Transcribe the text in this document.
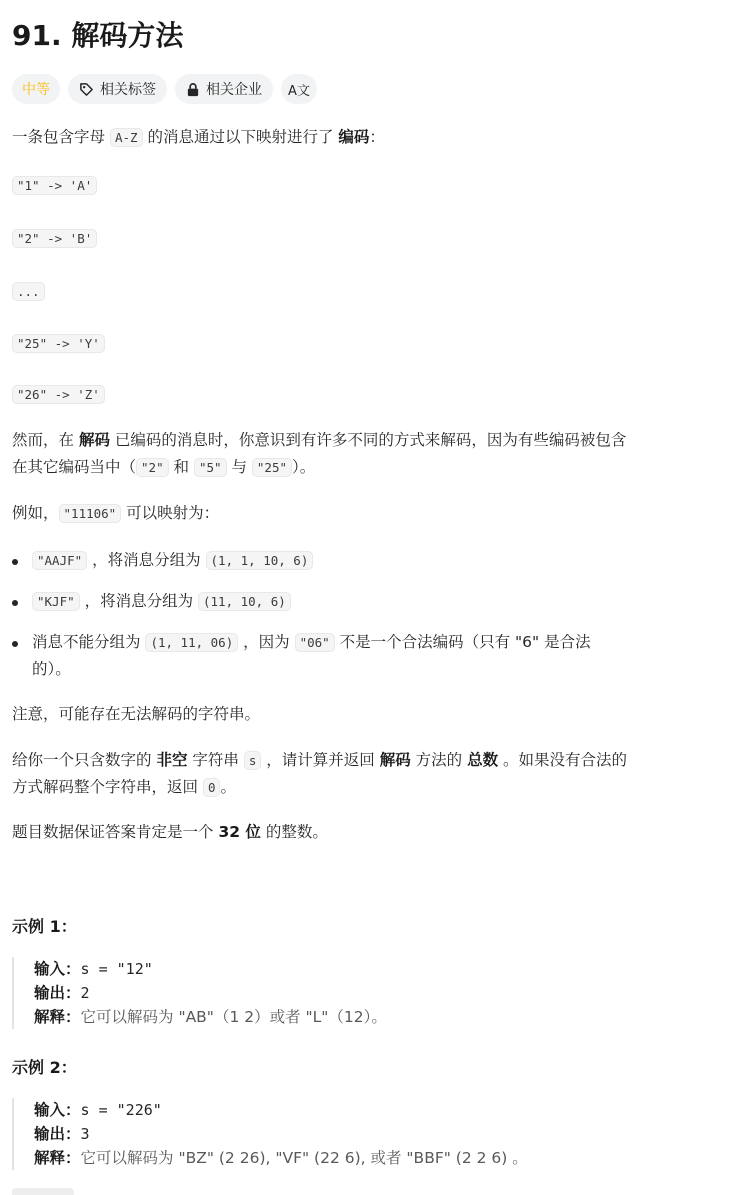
91. 解码方法
中等	相关标签	相关企业 A文

一条包含字母 A-Z 的消息通过以下映射进行了 编码：

"1" -> 'A'
"2" -> 'B'
...
"25" -> 'Y'
"26" -> 'Z'

然而，在 解码 已编码的消息时，你意识到有许多不同的方式来解码，因为有些编码被包含

在其它编码当中（ "2" 和 "5" 与 "25" ）。

例如， "11106" 可以映射为：

"AAJF" ，将消息分组为 (1, 1, 10, 6)
"KJF" ，将消息分组为 (11, 10, 6)
消息不能分组为 (1, 11, 06) ，因为 "06" 不是一个合法编码（只有 "6" 是合法
的）。

注意，可能存在无法解码的字符串。

给你一个只含数字的 非空 字符串 s ，请计算并返回 解码 方法的 总数 。如果没有合法的

方式解码整个字符串，返回 0 。

题目数据保证答案肯定是一个 32 位 的整数。

示例 1：
输入：s = "12"
输出：2
解释：它可以解码为 "AB"（1 2）或者 "L"（12）。
示例 2：
输入：s = "226"
输出：3
解释：它可以解码为 "BZ" (2 26), "VF" (22 6), 或者 "BBF" (2 2 6) 。
